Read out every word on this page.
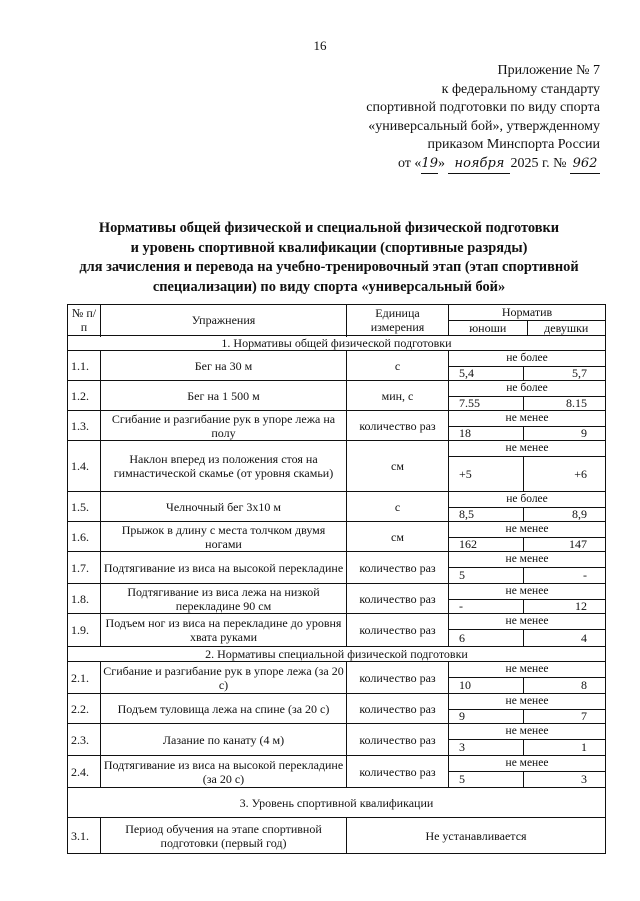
16
Приложение № 7
к федеральному стандарту
спортивной подготовки по виду спорта
«универсальный бой», утвержденному
приказом Минспорта России
от «19» ноября 2025 г. № 962
Нормативы общей физической и специальной физической подготовки
и уровень спортивной квалификации (спортивные разряды)
для зачисления и перевода на учебно-тренировочный этап (этап спортивной
специализации) по виду спорта «универсальный бой»
№ п/п	Упражнения	Единица измерения	Норматив
юноши девушки

1. Нормативы общей физической подготовки			
1.1.	Бег на 30 м	с	не более
5,4 5,7

1.2.	Бег на 1 500 м	мин, с	не более
7.55 8.15

1.3.	Сгибание и разгибание рук в упоре лежа на полу	количество раз	не менее
18 9

1.4.	Наклон вперед из положения стоя на гимнастической скамье (от уровня скамьи)	см	не менее
+5 +6

1.5.	Челночный бег 3х10 м	с	не более
8,5 8,9

1.6.	Прыжок в длину с места толчком двумя ногами	см	не менее
162 147

1.7.	Подтягивание из виса на высокой перекладине	количество раз	не менее
5 -

1.8.	Подтягивание из виса лежа на низкой перекладине 90 см	количество раз	не менее
- 12

1.9.	Подъем ног из виса на перекладине до уровня хвата руками	количество раз	не менее
6 4

2. Нормативы специальной физической подготовки			
2.1.	Сгибание и разгибание рук в упоре лежа (за 20 с)	количество раз	не менее
10 8

2.2.	Подъем туловища лежа на спине (за 20 с)	количество раз	не менее
9 7

2.3.	Лазание по канату (4 м)	количество раз	не менее
3 1

2.4.	Подтягивание из виса на высокой перекладине (за 20 с)	количество раз	не менее
5 3

3. Уровень спортивной квалификации			
3.1.	Период обучения на этапе спортивной подготовки (первый год)	Не устанавливается	
